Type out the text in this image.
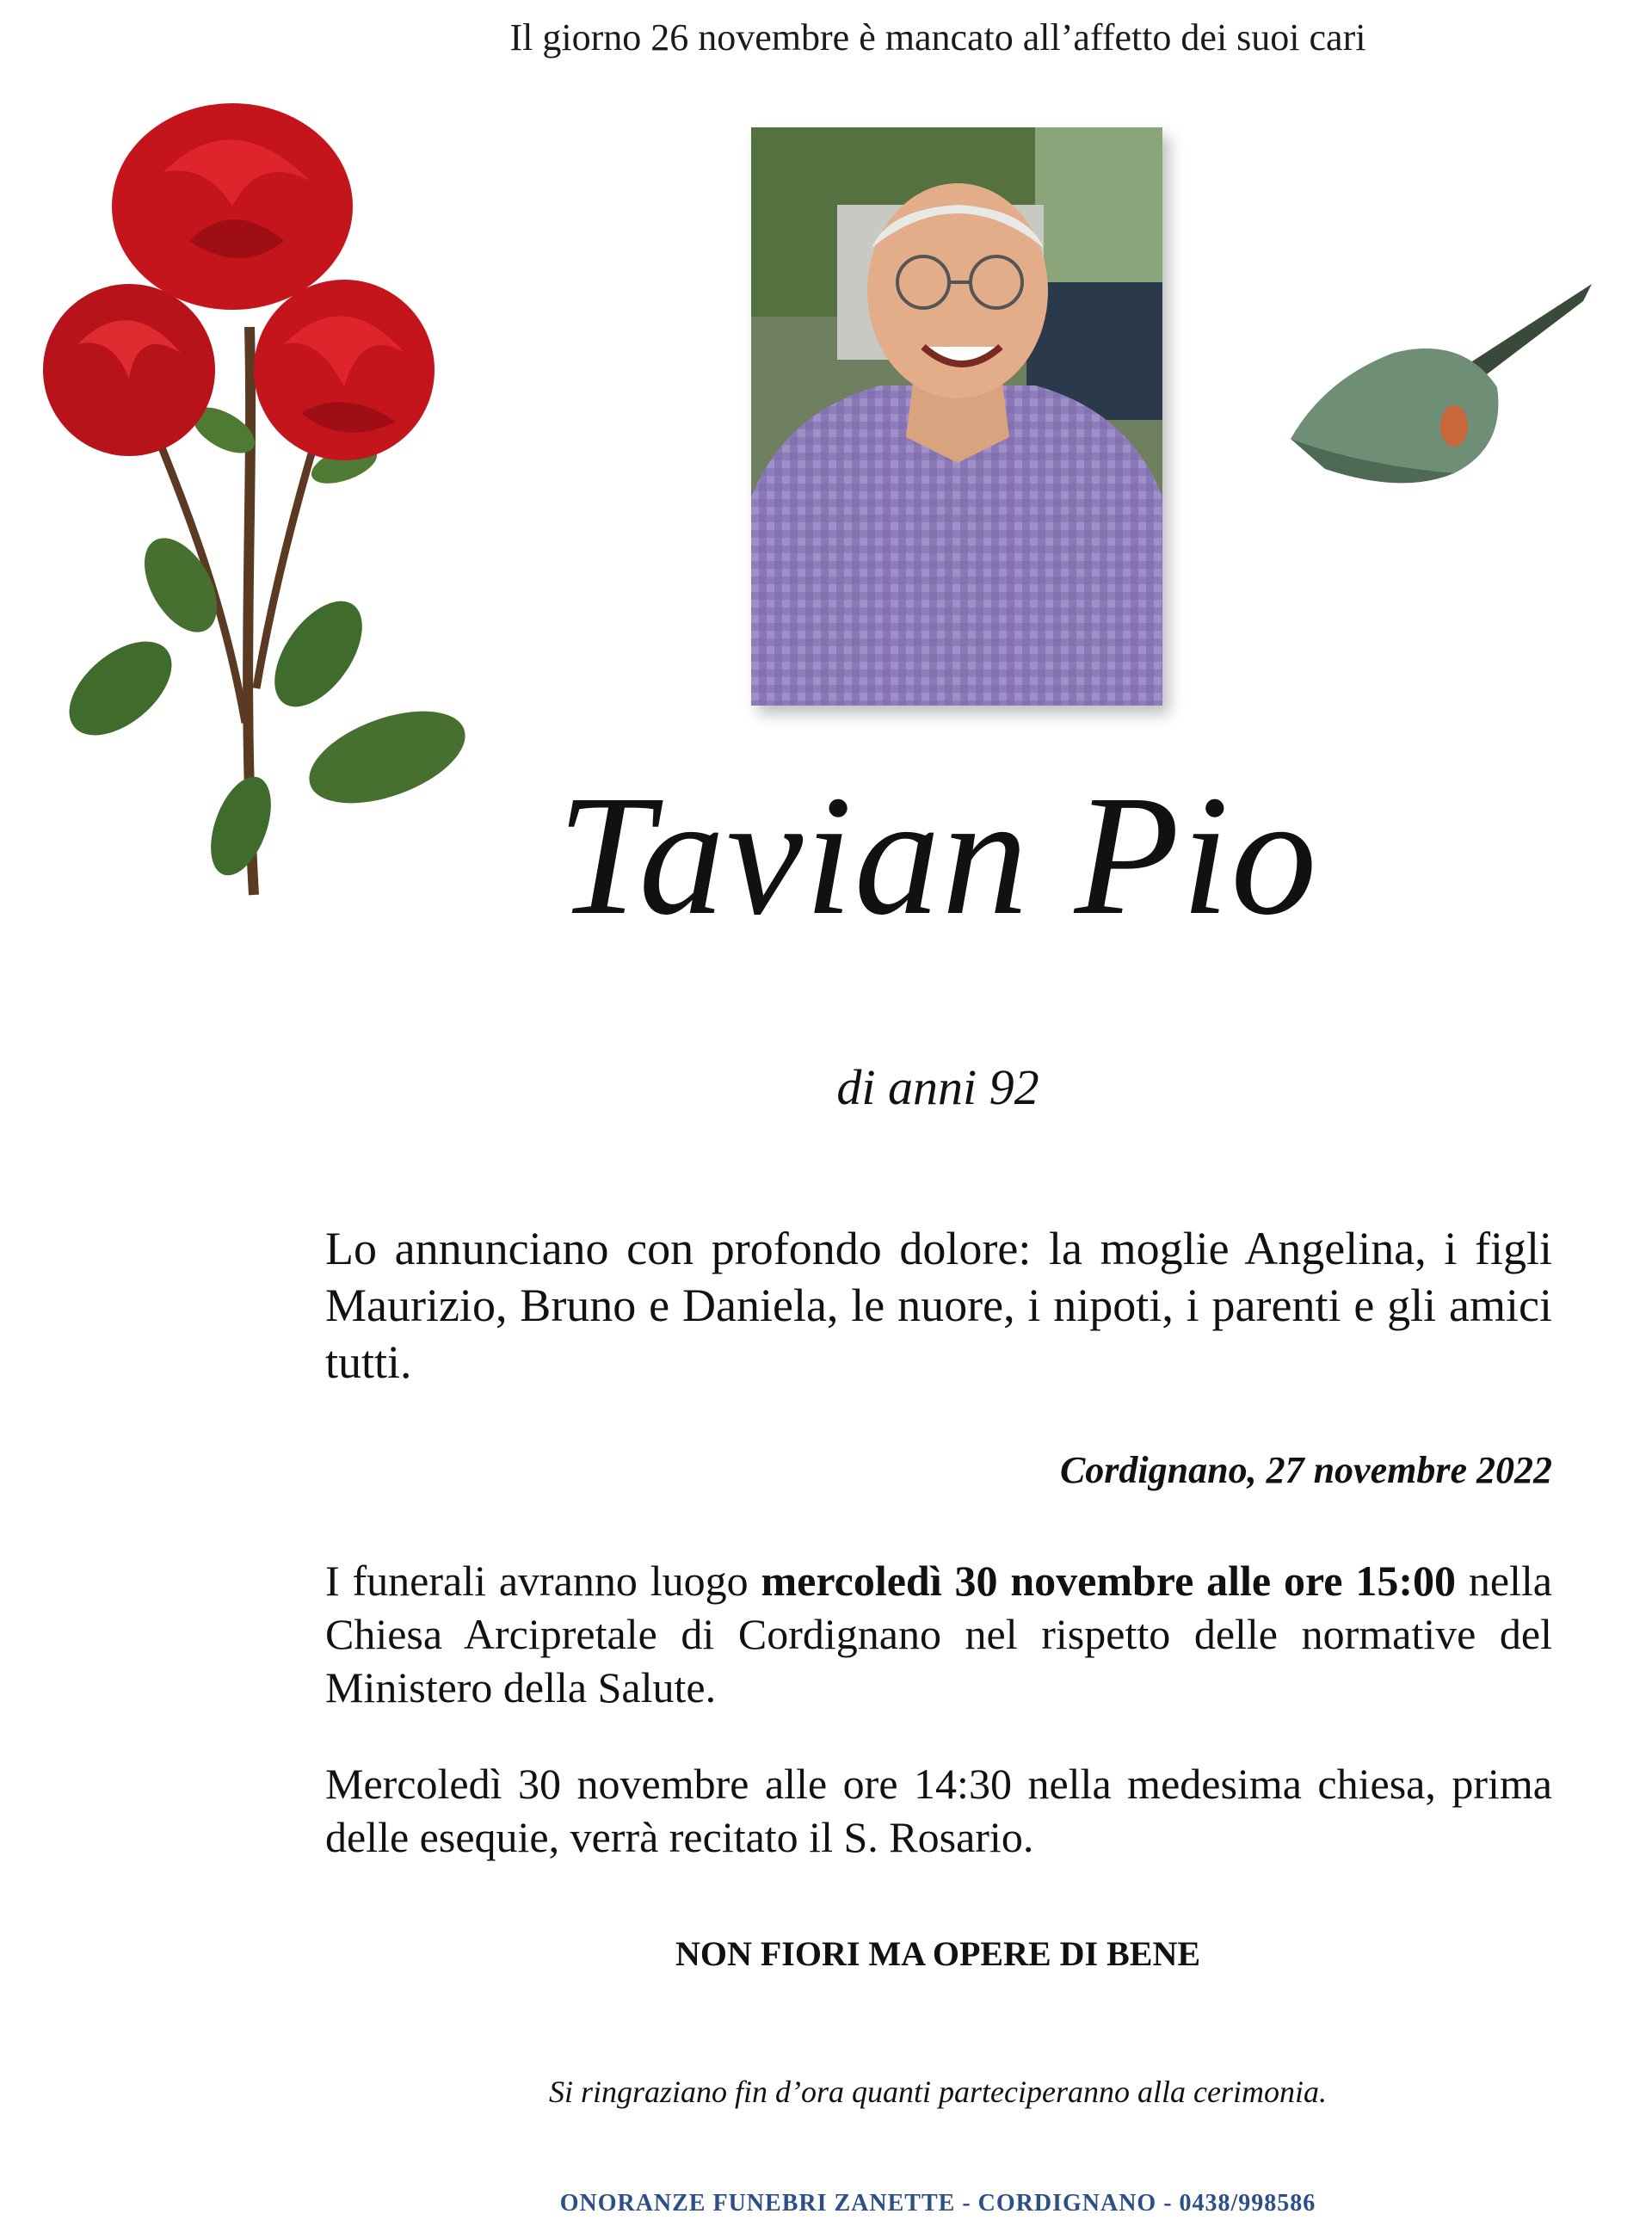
Il giorno 26 novembre è mancato all’affetto dei suoi cari
Tavian Pio
di anni 92
Lo annunciano con profondo dolore: la moglie Angelina, i figli Maurizio, Bruno e Daniela, le nuore, i nipoti, i parenti e gli amici tutti.
Cordignano, 27 novembre 2022
I funerali avranno luogo mercoledì 30 novembre alle ore 15:00 nella Chiesa Arcipretale di Cordignano nel rispetto delle normative del Ministero della Salute.
Mercoledì 30 novembre alle ore 14:30 nella medesima chiesa, prima delle esequie, verrà recitato il S. Rosario.
NON FIORI MA OPERE DI BENE
Si ringraziano fin d’ora quanti parteciperanno alla cerimonia.
ONORANZE FUNEBRI ZANETTE - CORDIGNANO - 0438/998586
